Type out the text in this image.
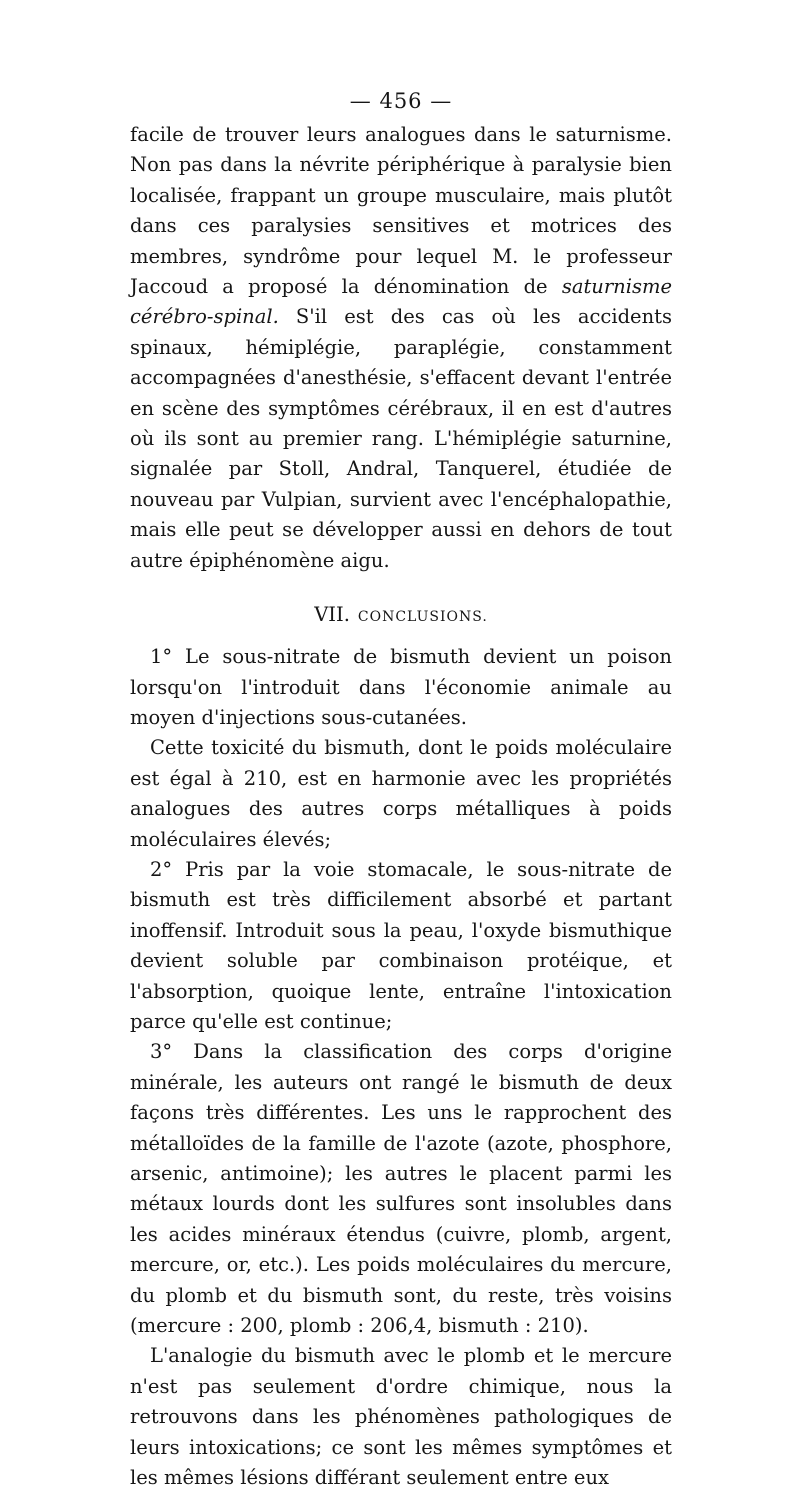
— 456 —

facile de trouver leurs analogues dans le saturnisme. Non pas dans la névrite périphérique à paralysie bien localisée, frappant un groupe musculaire, mais plutôt dans ces paralysies sensitives et motrices des membres, syndrôme pour lequel M. le professeur Jaccoud a proposé la dénomination de saturnisme cérébro-spinal. S'il est des cas où les accidents spinaux, hémiplégie, paraplégie, constamment accompagnées d'anesthésie, s'effacent devant l'entrée en scène des symptômes cérébraux, il en est d'autres où ils sont au premier rang. L'hémiplégie saturnine, signalée par Stoll, Andral, Tanquerel, étudiée de nouveau par Vulpian, survient avec l'encéphalopathie, mais elle peut se développer aussi en dehors de tout autre épiphénomène aigu.

VII. CONCLUSIONS.

1° Le sous-nitrate de bismuth devient un poison lorsqu'on l'introduit dans l'économie animale au moyen d'injections sous-cutanées.

Cette toxicité du bismuth, dont le poids moléculaire est égal à 210, est en harmonie avec les propriétés analogues des autres corps métalliques à poids moléculaires élevés;

2° Pris par la voie stomacale, le sous-nitrate de bismuth est très difficilement absorbé et partant inoffensif. Introduit sous la peau, l'oxyde bismuthique devient soluble par combinaison protéique, et l'absorption, quoique lente, entraîne l'intoxication parce qu'elle est continue;

3° Dans la classification des corps d'origine minérale, les auteurs ont rangé le bismuth de deux façons très différentes. Les uns le rapprochent des métalloïdes de la famille de l'azote (azote, phosphore, arsenic, antimoine); les autres le placent parmi les métaux lourds dont les sulfures sont insolubles dans les acides minéraux étendus (cuivre, plomb, argent, mercure, or, etc.). Les poids moléculaires du mercure, du plomb et du bismuth sont, du reste, très voisins (mercure : 200, plomb : 206,4, bismuth : 210).

L'analogie du bismuth avec le plomb et le mercure n'est pas seulement d'ordre chimique, nous la retrouvons dans les phénomènes pathologiques de leurs intoxications; ce sont les mêmes symptômes et les mêmes lésions différant seulement entre eux
